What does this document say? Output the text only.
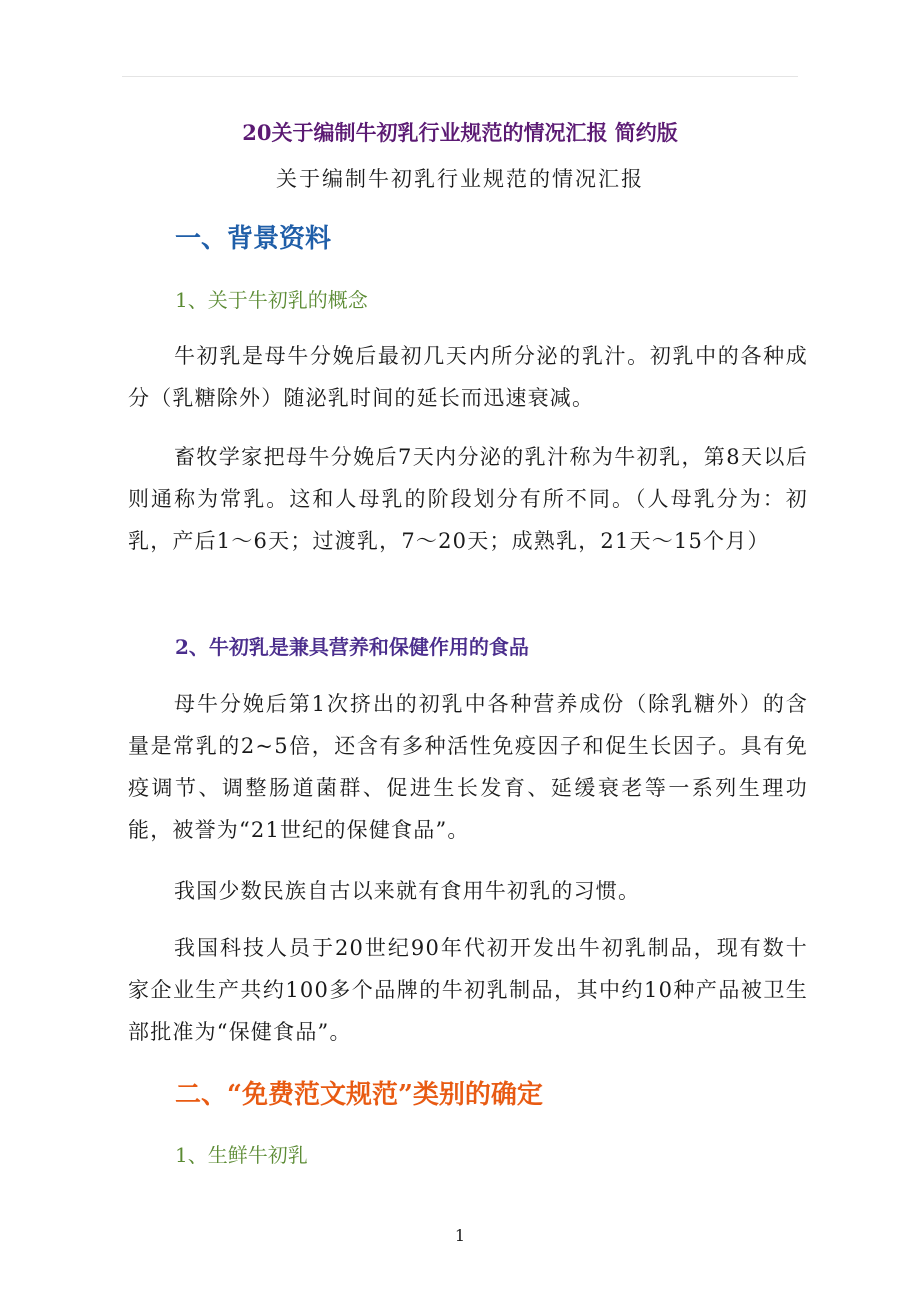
20关于编制牛初乳行业规范的情况汇报 简约版
关于编制牛初乳行业规范的情况汇报
一、背景资料
1、关于牛初乳的概念

牛初乳是母牛分娩后最初几天内所分泌的乳汁。初乳中的各种成分（乳糖除外）随泌乳时间的延长而迅速衰减。

畜牧学家把母牛分娩后7天内分泌的乳汁称为牛初乳，第8天以后则通称为常乳。这和人母乳的阶段划分有所不同。（人母乳分为：初乳，产后1～6天；过渡乳，7～20天；成熟乳，21天～15个月）

2、牛初乳是兼具营养和保健作用的食品

母牛分娩后第1次挤出的初乳中各种营养成份（除乳糖外）的含量是常乳的2~5倍，还含有多种活性免疫因子和促生长因子。具有免疫调节、调整肠道菌群、促进生长发育、延缓衰老等一系列生理功能，被誉为“21世纪的保健食品”。

我国少数民族自古以来就有食用牛初乳的习惯。

我国科技人员于20世纪90年代初开发出牛初乳制品，现有数十家企业生产共约100多个品牌的牛初乳制品，其中约10种产品被卫生部批准为“保健食品”。

二、“免费范文规范”类别的确定
1、生鲜牛初乳
1
